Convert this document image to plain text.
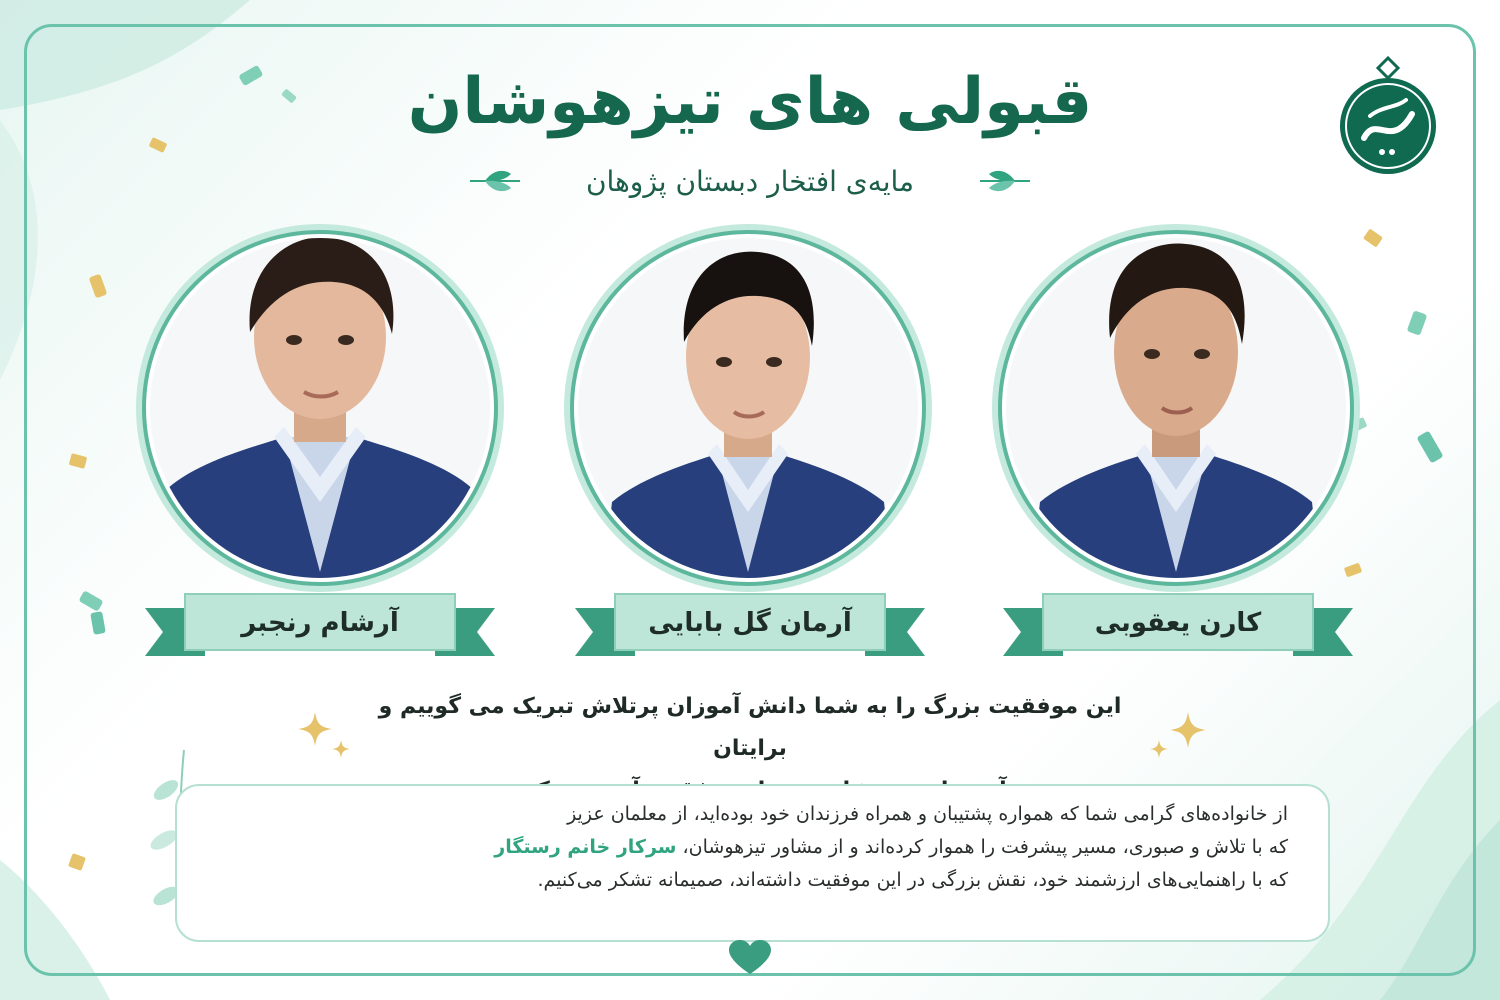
قبولی های تیزهوشان
مایه‌ی افتخار دبستان پژوهان
آرشام رنجبر	آرمان گل بابایی	کارن یعقوبی
این موفقیت بزرگ را به شما دانش آموزان پرتلاش تبریک می گوییم و برایتان
از خانواده‌های گرامی شما که همواره پشتیبان و همراه فرزندان خود بوده‌اید، از معلمان عزیز
که با تلاش و صبوری، مسیر پیشرفت را هموار کرده‌اند و از مشاور تیزهوشان، سرکار خانم رستگار
که با راهنمایی‌های ارزشمند خود، نقش بزرگی در این موفقیت داشته‌اند، صمیمانه تشکر می‌کنیم.
